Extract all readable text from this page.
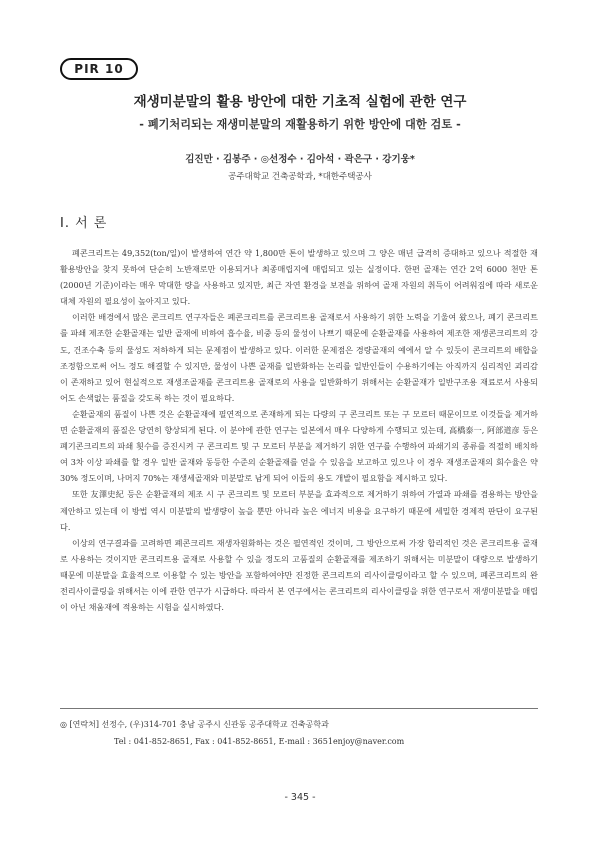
PIR 10
재생미분말의 활용 방안에 대한 기초적 실험에 관한 연구
- 폐기처리되는 재생미분말의 재활용하기 위한 방안에 대한 검토 -
김진만 · 김봉주 · ◎선정수 · 김아석 · 곽은구 · 강기웅*
공주대학교 건축공학과, *대한주택공사
Ⅰ. 서 론

폐콘크리트는 49,352(ton/일)이 발생하여 연간 약 1,800만 톤이 발생하고 있으며 그 양은 매년 급격히 증대하고 있으나 적절한 재활용방안을 찾지 못하여 단순히 노반재로만 이용되거나 최종매립지에 매립되고 있는 실정이다. 한편 골재는 연간 2억 6000 천만 톤(2000년 기준)이라는 매우 막대한 량을 사용하고 있지만, 최근 자연 환경을 보전을 위하여 골재 자원의 취득이 어려워짐에 따라 새로운 대체 자원의 필요성이 높아지고 있다.

이러한 배경에서 많은 콘크리트 연구자들은 폐콘크리트를 콘크리트용 골재로서 사용하기 위한 노력을 기울여 왔으나, 폐기 콘크리트를 파쇄 제조한 순환골재는 일반 골재에 비하여 흡수율, 비중 등의 물성이 나쁘기 때문에 순환골재를 사용하여 제조한 재생콘크리트의 강도, 건조수축 등의 물성도 저하하게 되는 문제점이 발생하고 있다. 이러한 문제점은 경량골재의 예에서 알 수 있듯이 콘크리트의 배합을 조정함으로써 어느 정도 해결할 수 있지만, 물성이 나쁜 골재를 일반화하는 논리를 일반인들이 수용하기에는 아직까지 심리적인 괴리감이 존재하고 있어 현실적으로 재생조골재를 콘크리트용 골재로의 사용을 일반화하기 위해서는 순환골재가 일반구조용 재료로서 사용되어도 손색없는 품질을 갖도록 하는 것이 필요하다.

순환골재의 품질이 나쁜 것은 순환골재에 필연적으로 존재하게 되는 다량의 구 콘크리트 또는 구 모르터 때문이므로 이것들을 제거하면 순환골재의 품질은 당연히 향상되게 된다. 이 분야에 관한 연구는 일본에서 매우 다양하게 수행되고 있는데, 高橋泰一, 阿部道彦 등은 폐기콘크리트의 파쇄 횟수를 증진시켜 구 콘크리트 및 구 모르터 부분을 제거하기 위한 연구를 수행하여 파쇄기의 종류를 적절히 배치하여 3차 이상 파쇄를 할 경우 일반 골재와 동등한 수준의 순환골재를 얻을 수 있음을 보고하고 있으나 이 경우 재생조골재의 회수율은 약 30% 정도이며, 나머지 70%는 재생세골재와 미분말로 남게 되어 이들의 용도 개발이 필요함을 제시하고 있다.

또한 友澤史紀 등은 순환골재의 제조 시 구 콘크리트 및 모르터 부분을 효과적으로 제거하기 위하여 가열과 파쇄를 겸용하는 방안을 제안하고 있는데 이 방법 역시 미분말의 발생량이 높을 뿐만 아니라 높은 에너지 비용을 요구하기 때문에 세밀한 경제적 판단이 요구된다.

이상의 연구결과를 고려하면 폐콘크리트 재생자원화하는 것은 필연적인 것이며, 그 방안으로써 가장 합리적인 것은 콘크리트용 골재로 사용하는 것이지만 콘크리트용 골재로 사용할 수 있을 정도의 고품질의 순환골재를 제조하기 위해서는 미분말이 대량으로 발생하기 때문에 미분말을 효율적으로 이용할 수 있는 방안을 포함하여야만 진정한 콘크리트의 리사이클링이라고 할 수 있으며, 폐콘크리트의 완전리사이클링을 위해서는 이에 관한 연구가 시급하다. 따라서 본 연구에서는 콘크리트의 리사이클링을 위한 연구로서 재생미분말을 매립이 아닌 채움재에 적용하는 시험을 실시하였다.

◎ [연락처] 선정수, (우)314-701 충남 공주시 신관동 공주대학교 건축공학과
Tel : 041-852-8651, Fax : 041-852-8651, E-mail : 3651enjoy@naver.com
- 345 -
